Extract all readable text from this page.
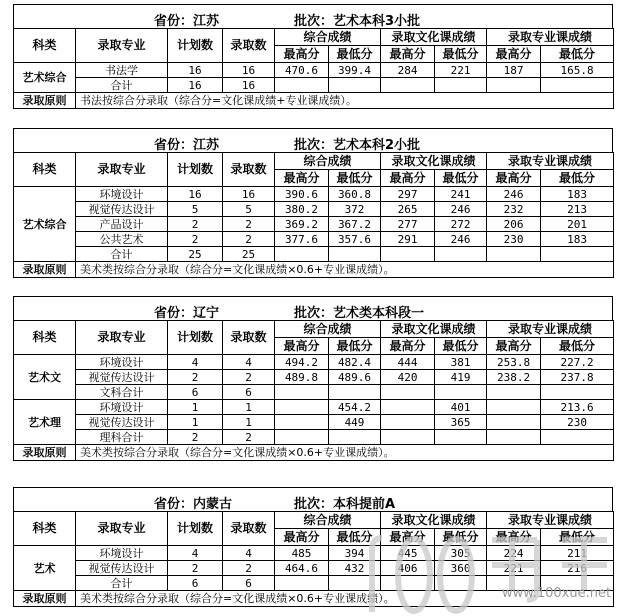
省份：江苏	批次：艺术本科3小批
科类	录取专业	计划数	录取数	综合成绩		录取文化课成绩		录取专业课成绩	
				最高分	最低分	最高分	最低分	最高分	最低分
艺术综合	书法学	16	16	470.6	399.4	284	221	187	165.8
	合计	16	16						
录取原则	书法按综合分录取（综合分=文化课成绩+专业课成绩）。								
省份：江苏	批次：艺术本科2小批
科类	录取专业	计划数	录取数	综合成绩		录取文化课成绩		录取专业课成绩	
				最高分	最低分	最高分	最低分	最高分	最低分
艺术综合	环境设计	16	16	390.6	360.8	297	241	246	183
	视觉传达设计	5	5	380.2	372	265	246	232	213
	产品设计	2	2	369.2	367.2	277	272	206	201
	公共艺术	2	2	377.6	357.6	291	246	230	183
	合计	25	25						
录取原则	美术类按综合分录取（综合分=文化课成绩×0.6+专业课成绩）。								
省份：辽宁	批次：艺术类本科段一
科类	录取专业	计划数	录取数	综合成绩		录取文化课成绩		录取专业课成绩	
				最高分	最低分	最高分	最低分	最高分	最低分
艺术文	环境设计	4	4	494.2	482.4	444	381	253.8	227.2
	视觉传达设计	2	2	489.8	489.6	420	419	238.2	237.8
	文科合计	6	6						
艺术理	环境设计	1	1		454.2		401		213.6
	视觉传达设计	1	1		449		365		230
	理科合计	2	2						
录取原则	美术类按综合分录取（综合分=文化课成绩×0.6+专业课成绩）。								
省份：内蒙古	批次：本科提前A
科类	录取专业	计划数	录取数	综合成绩		录取文化课成绩		录取专业课成绩	
				最高分	最低分	最高分	最低分	最高分	最低分
艺术	环境设计	4	4	485	394	445	305	224	211
	视觉传达设计	2	2	464.6	432	406	360	221	216
	合计	6	6						
录取原则	美术类按综合分录取（综合分=文化课成绩×0.6+专业课成绩）。									www.100xue.net
